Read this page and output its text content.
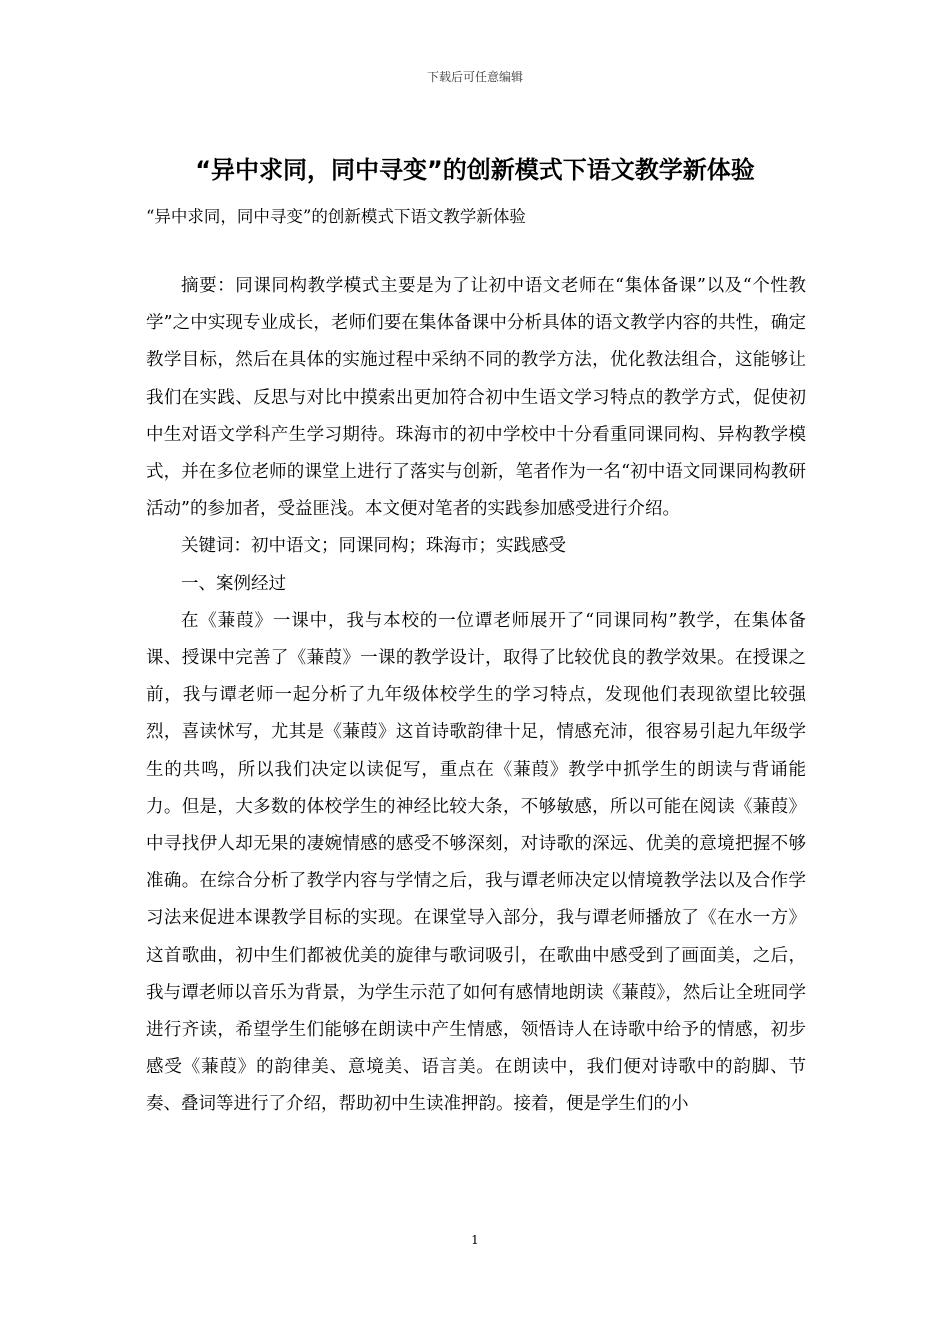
下载后可任意编辑
“异中求同，同中寻变”的创新模式下语文教学新体验
“异中求同，同中寻变”的创新模式下语文教学新体验

摘要：同课同构教学模式主要是为了让初中语文老师在“集体备课”以及“个性教学”之中实现专业成长，老师们要在集体备课中分析具体的语文教学内容的共性，确定教学目标，然后在具体的实施过程中采纳不同的教学方法，优化教法组合，这能够让我们在实践、反思与对比中摸索出更加符合初中生语文学习特点的教学方式，促使初中生对语文学科产生学习期待。珠海市的初中学校中十分看重同课同构、异构教学模式，并在多位老师的课堂上进行了落实与创新，笔者作为一名“初中语文同课同构教研活动”的参加者，受益匪浅。本文便对笔者的实践参加感受进行介绍。

关键词：初中语文；同课同构；珠海市；实践感受

一、案例经过

在《蒹葭》一课中，我与本校的一位谭老师展开了“同课同构”教学，在集体备课、授课中完善了《蒹葭》一课的教学设计，取得了比较优良的教学效果。在授课之前，我与谭老师一起分析了九年级体校学生的学习特点，发现他们表现欲望比较强烈，喜读怵写，尤其是《蒹葭》这首诗歌韵律十足，情感充沛，很容易引起九年级学生的共鸣，所以我们决定以读促写，重点在《蒹葭》教学中抓学生的朗读与背诵能力。但是，大多数的体校学生的神经比较大条，不够敏感，所以可能在阅读《蒹葭》中寻找伊人却无果的凄婉情感的感受不够深刻，对诗歌的深远、优美的意境把握不够准确。在综合分析了教学内容与学情之后，我与谭老师决定以情境教学法以及合作学习法来促进本课教学目标的实现。在课堂导入部分，我与谭老师播放了《在水一方》这首歌曲，初中生们都被优美的旋律与歌词吸引，在歌曲中感受到了画面美，之后，我与谭老师以音乐为背景，为学生示范了如何有感情地朗读《蒹葭》，然后让全班同学进行齐读，希望学生们能够在朗读中产生情感，领悟诗人在诗歌中给予的情感，初步感受《蒹葭》的韵律美、意境美、语言美。在朗读中，我们便对诗歌中的韵脚、节奏、叠词等进行了介绍，帮助初中生读准押韵。接着，便是学生们的小

1
